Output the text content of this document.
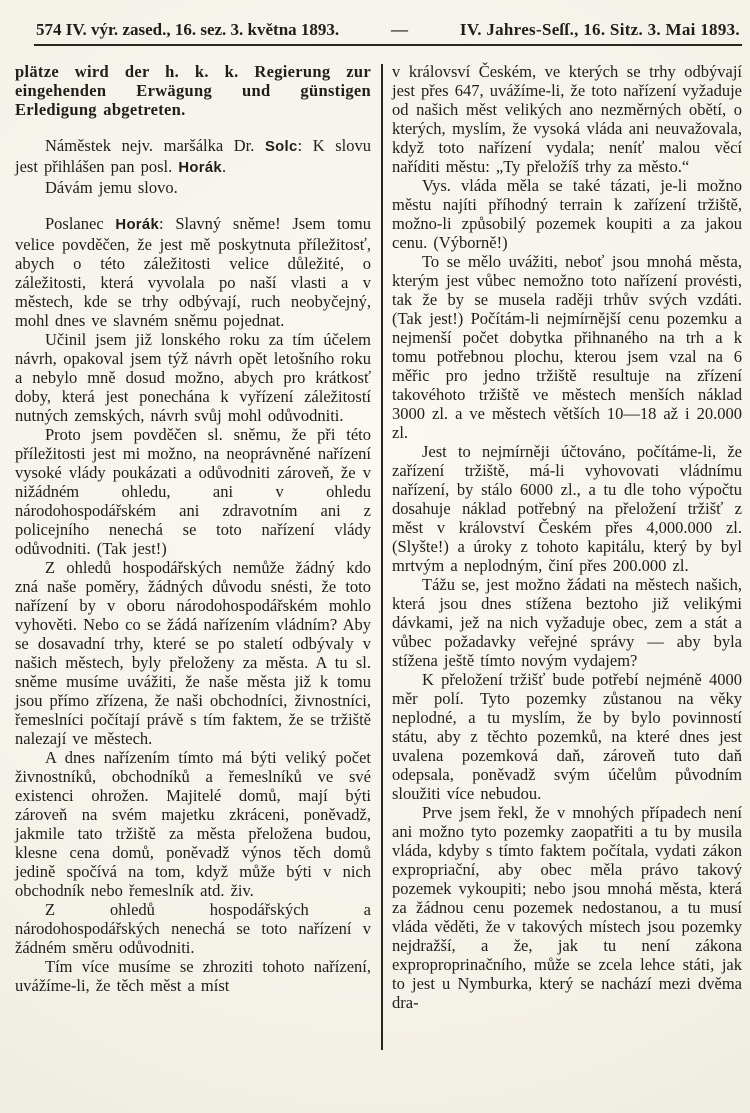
574 IV. výr. zased., 16. sez. 3. května 1893.	—	IV. Jahres-Seſſ., 16. Sitz. 3. Mai 1893.

plätze wird der h. k. k. Regierung zur eingehenden Erwägung und günstigen Erledigung abgetreten.

Náměstek nejv. maršálka Dr. Solc: K slovu jest přihlášen pan posl. Horák.

Dávám jemu slovo.

Poslanec Horák: Slavný sněme! Jsem tomu velice povděčen, že jest mě poskytnuta příležitosť, abych o této záležitosti velice důležité, o záležitosti, která vyvolala po naší vlasti a v městech, kde se trhy odbývají, ruch neobyčejný, mohl dnes ve slavném sněmu pojednat.

Učinil jsem již lonského roku za tím účelem návrh, opakoval jsem týž návrh opět letošního roku a nebylo mně dosud možno, abych pro krátkosť doby, která jest ponechána k vyřízení záležitostí nutných zemských, návrh svůj mohl odůvodniti.

Proto jsem povděčen sl. sněmu, že při této příležitosti jest mi možno, na neoprávněné nařízení vysoké vlády poukázati a odůvodniti zároveň, že v nižádném ohledu, ani v ohledu národohospodářském ani zdravotním ani z policejního nenechá se toto nařízení vlády odůvodniti. (Tak jest!)

Z ohledů hospodářských nemůže žádný kdo zná naše poměry, žádných důvodu snésti, že toto nařízení by v oboru národohospodářském mohlo vyhověti. Nebo co se žádá nařízením vládním? Aby se dosavadní trhy, které se po staletí odbývaly v našich městech, byly přeloženy za města. A tu sl. sněme musíme uvážiti, že naše města již k tomu jsou přímo zřízena, že naši obchodníci, živnostníci, řemeslníci počítají právě s tím faktem, že se tržiště nalezají ve městech.

A dnes nařízením tímto má býti veliký počet živnostníků, obchodníků a řemeslníků ve své existenci ohrožen. Majitelé domů, mají býti zároveň na svém majetku zkráceni, poněvadž, jakmile tato tržiště za města přeložena budou, klesne cena domů, poněvadž výnos těch domů jedině spočívá na tom, když může býti v nich obchodník nebo řemeslník atd. živ.

Z ohledů hospodářských a národohospodářských nenechá se toto nařízení v žádném směru odůvodniti.

Tím více musíme se zhroziti tohoto nařízení, uvážíme-li, že těch měst a míst

v královsví Českém, ve kterých se trhy odbývají jest přes 647, uvážíme-li, že toto nařízení vyžaduje od našich měst velikých ano nezměrných obětí, o kterých, myslím, že vysoká vláda ani neuvažovala, když toto nařízení vydala; neníť malou věcí naříditi městu: „Ty přeložíš trhy za město.“

Vys. vláda měla se také tázati, je-li možno městu najíti příhodný terrain k zařízení tržiště, možno-li způsobilý pozemek koupiti a za jakou cenu. (Výborně!)

To se mělo uvážiti, neboť jsou mnohá města, kterým jest vůbec nemožno toto nařízení provésti, tak že by se musela raději trhův svých vzdáti. (Tak jest!) Počítám-li nejmírnější cenu pozemku a nejmenší počet dobytka přihnaného na trh a k tomu potřebnou plochu, kterou jsem vzal na 6 měřic pro jedno tržiště resultuje na zřízení takovéhoto tržiště ve městech menších náklad 3000 zl. a ve městech větších 10—18 až i 20.000 zl.

Jest to nejmírněji účtováno, počítáme-li, že zařízení tržiště, má-li vyhovovati vládnímu nařízení, by stálo 6000 zl., a tu dle toho výpočtu dosahuje náklad potřebný na přeložení tržišť z měst v království Českém přes 4,000.000 zl. (Slyšte!) a úroky z tohoto kapitálu, který by byl mrtvým a neplodným, činí přes 200.000 zl.

Tážu se, jest možno žádati na městech našich, která jsou dnes stížena beztoho již velikými dávkami, jež na nich vyžaduje obec, zem a stát a vůbec požadavky veřejné správy — aby byla stížena ještě tímto novým vydajem?

K přeložení tržišť bude potřebí nejméně 4000 měr polí. Tyto pozemky zůstanou na věky neplodné, a tu myslím, že by bylo povinností státu, aby z těchto pozemků, na které dnes jest uvalena pozemková daň, zároveň tuto daň odepsala, poněvadž svým účelům původním sloužiti více nebudou.

Prve jsem řekl, že v mnohých případech není ani možno tyto pozemky zaopatřiti a tu by musila vláda, kdyby s tímto faktem počítala, vydati zákon expropriační, aby obec měla právo takový pozemek vykoupiti; nebo jsou mnohá města, která za žádnou cenu pozemek nedostanou, a tu musí vláda věděti, že v takových místech jsou pozemky nejdražší, a že, jak tu není zákona exproproprinačního, může se zcela lehce státi, jak to jest u Nymburka, který se nachází mezi dvěma dra-
